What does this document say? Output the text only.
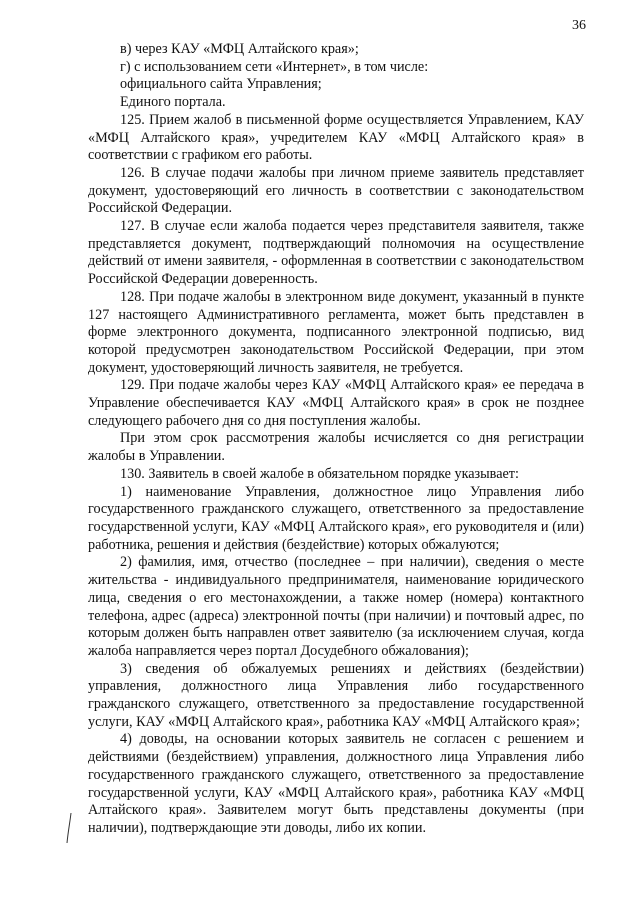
36

в) через КАУ «МФЦ Алтайского края»;

г) с использованием сети «Интернет», в том числе:

официального сайта Управления;

Единого портала.

125. Прием жалоб в письменной форме осуществляется Управлением, КАУ «МФЦ Алтайского края», учредителем КАУ «МФЦ Алтайского края» в соответствии с графиком его работы.

126. В случае подачи жалобы при личном приеме заявитель представляет документ, удостоверяющий его личность в соответствии с законодательством Российской Федерации.

127. В случае если жалоба подается через представителя заявителя, также представляется документ, подтверждающий полномочия на осуществление действий от имени заявителя, - оформленная в соответствии с законодательством Российской Федерации доверенность.

128. При подаче жалобы в электронном виде документ, указанный в пункте 127 настоящего Административного регламента, может быть представлен в форме электронного документа, подписанного электронной подписью, вид которой предусмотрен законодательством Российской Федерации, при этом документ, удостоверяющий личность заявителя, не требуется.

129. При подаче жалобы через КАУ «МФЦ Алтайского края» ее передача в Управление обеспечивается КАУ «МФЦ Алтайского края» в срок не позднее следующего рабочего дня со дня поступления жалобы.

При этом срок рассмотрения жалобы исчисляется со дня регистрации жалобы в Управлении.

130. Заявитель в своей жалобе в обязательном порядке указывает:

1) наименование Управления, должностное лицо Управления либо государственного гражданского служащего, ответственного за предоставление государственной услуги, КАУ «МФЦ Алтайского края», его руководителя и (или) работника, решения и действия (бездействие) которых обжалуются;

2) фамилия, имя, отчество (последнее – при наличии), сведения о месте жительства - индивидуального предпринимателя, наименование юридического лица, сведения о его местонахождении, а также номер (номера) контактного телефона, адрес (адреса) электронной почты (при наличии) и почтовый адрес, по которым должен быть направлен ответ заявителю (за исключением случая, когда жалоба направляется через портал Досудебного обжалования);

3) сведения об обжалуемых решениях и действиях (бездействии) управления, должностного лица Управления либо государственного гражданского служащего, ответственного за предоставление государственной услуги, КАУ «МФЦ Алтайского края», работника КАУ «МФЦ Алтайского края»;

4) доводы, на основании которых заявитель не согласен с решением и действиями (бездействием) управления, должностного лица Управления либо государственного гражданского служащего, ответственного за предоставление государственной услуги, КАУ «МФЦ Алтайского края», работника КАУ «МФЦ Алтайского края». Заявителем могут быть представлены документы (при наличии), подтверждающие эти доводы, либо их копии.
